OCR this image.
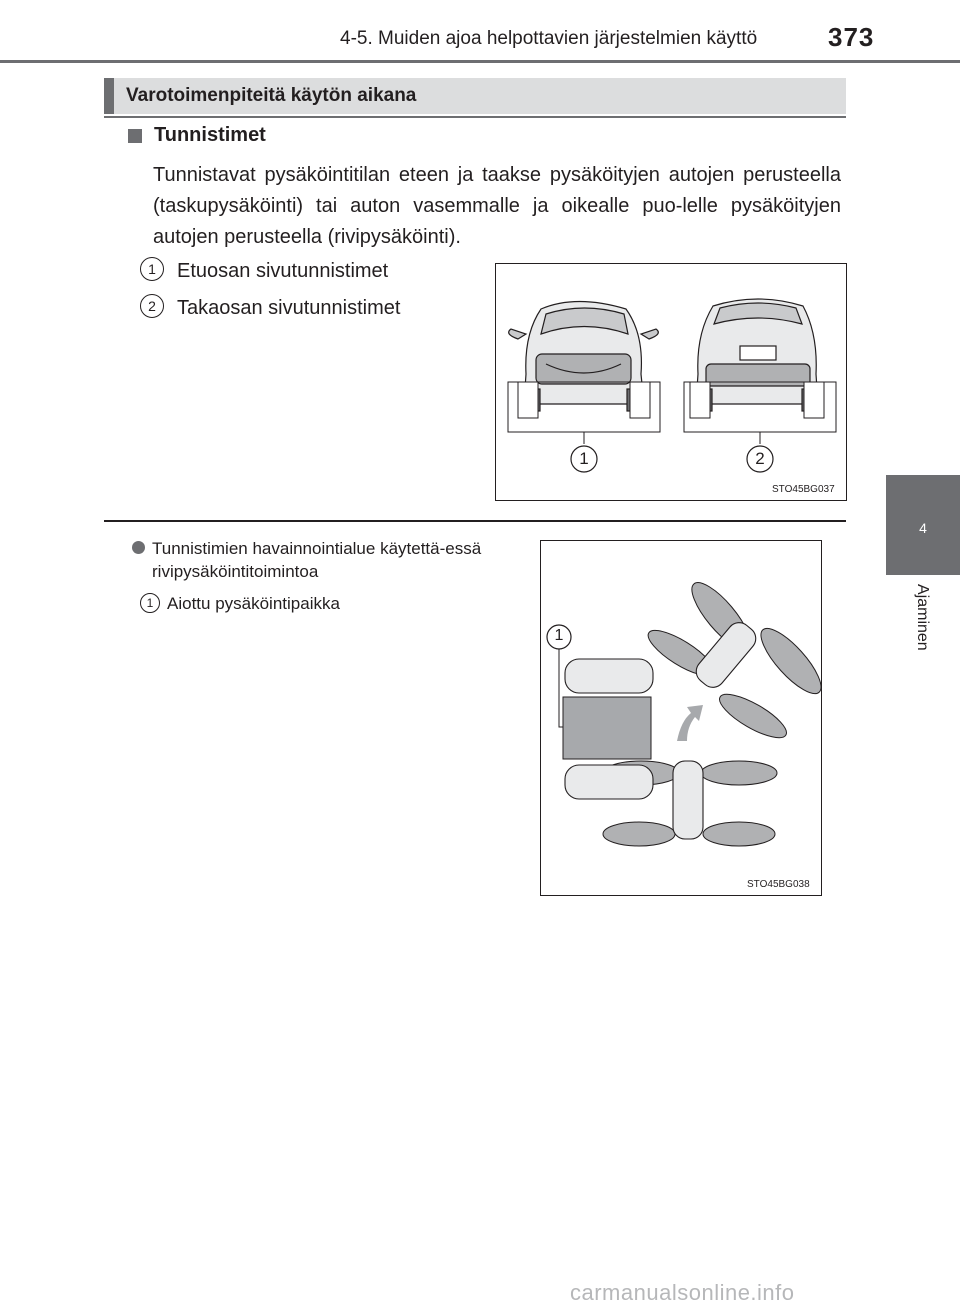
4-5. Muiden ajoa helpottavien järjestelmien käyttö	373
4
Ajaminen
Varotoimenpiteitä käytön aikana
Tunnistimet
Tunnistavat pysäköintitilan eteen ja taakse pysäköityjen autojen perusteella (taskupysäköinti) tai auton vasemmalle ja oikealle puo-lelle pysäköityjen autojen perusteella (rivipysäköinti).
1	Etuosan sivutunnistimet
2	Takaosan sivutunnistimet
1	2
STO45BG037
Tunnistimien havainnointialue käytettä-essä rivipysäköintitoimintoa
1 Aiottu pysäköintipaikka
1
STO45BG038
carmanualsonline.info
